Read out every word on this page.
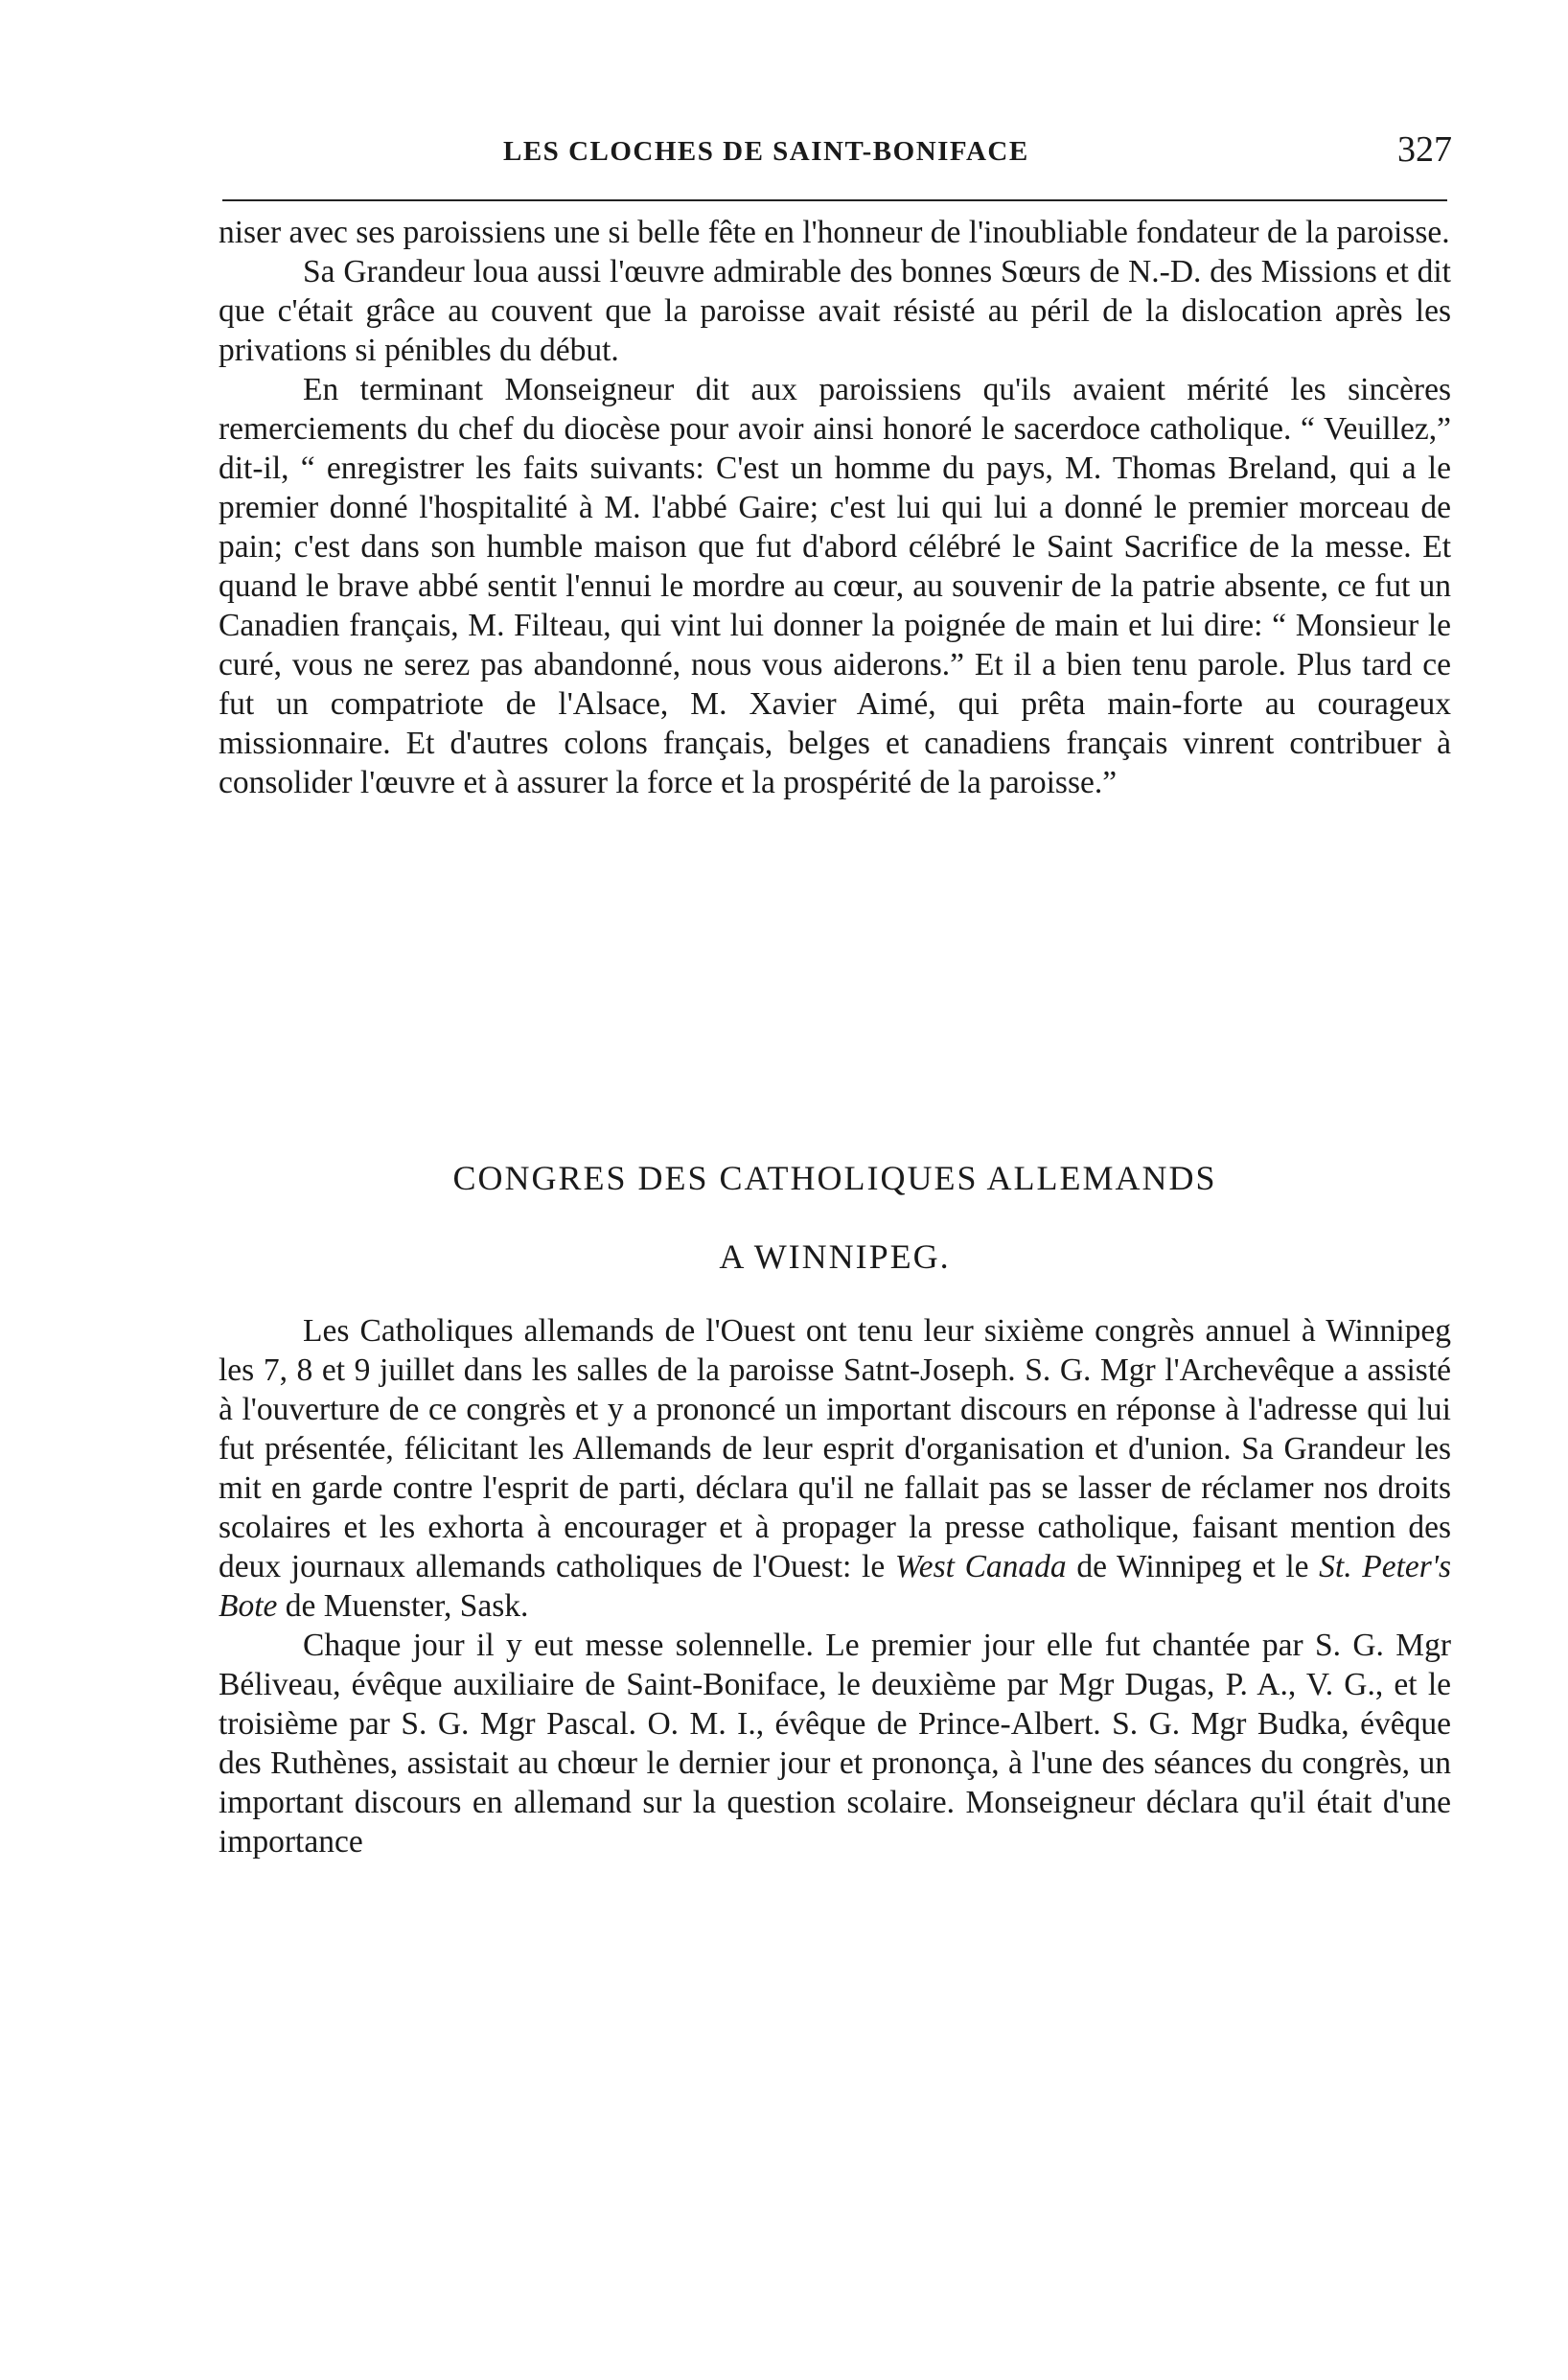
LES CLOCHES DE SAINT-BONIFACE	327

niser avec ses paroissiens une si belle fête en l'honneur de l'inoubliable fondateur de la paroisse.

Sa Grandeur loua aussi l'œuvre admirable des bonnes Sœurs de N.-D. des Missions et dit que c'était grâce au couvent que la paroisse avait résisté au péril de la dislocation après les privations si pénibles du début.

En terminant Monseigneur dit aux paroissiens qu'ils avaient mérité les sincères remerciements du chef du diocèse pour avoir ainsi honoré le sacerdoce catholique. “ Veuillez,” dit-il, “ enregistrer les faits suivants: C'est un homme du pays, M. Thomas Breland, qui a le premier donné l'hospitalité à M. l'abbé Gaire; c'est lui qui lui a donné le premier morceau de pain; c'est dans son humble maison que fut d'abord célébré le Saint Sacrifice de la messe. Et quand le brave abbé sentit l'ennui le mordre au cœur, au souvenir de la patrie absente, ce fut un Canadien français, M. Filteau, qui vint lui donner la poignée de main et lui dire: “ Monsieur le curé, vous ne serez pas abandonné, nous vous aiderons.” Et il a bien tenu parole. Plus tard ce fut un compatriote de l'Alsace, M. Xavier Aimé, qui prêta main-forte au courageux missionnaire. Et d'autres colons français, belges et canadiens français vinrent contribuer à consolider l'œuvre et à assurer la force et la prospérité de la paroisse.”

CONGRES DES CATHOLIQUES ALLEMANDS
A WINNIPEG.

Les Catholiques allemands de l'Ouest ont tenu leur sixième congrès annuel à Winnipeg les 7, 8 et 9 juillet dans les salles de la paroisse Satnt-Joseph. S. G. Mgr l'Archevêque a assisté à l'ouverture de ce congrès et y a prononcé un important discours en réponse à l'adresse qui lui fut présentée, félicitant les Allemands de leur esprit d'organisation et d'union. Sa Grandeur les mit en garde contre l'esprit de parti, déclara qu'il ne fallait pas se lasser de réclamer nos droits scolaires et les exhorta à encourager et à propager la presse catholique, faisant mention des deux journaux allemands catholiques de l'Ouest: le West Canada de Winnipeg et le St. Peter's Bote de Muenster, Sask.

Chaque jour il y eut messe solennelle. Le premier jour elle fut chantée par S. G. Mgr Béliveau, évêque auxiliaire de Saint-Boniface, le deuxième par Mgr Dugas, P. A., V. G., et le troisième par S. G. Mgr Pascal. O. M. I., évêque de Prince-Albert. S. G. Mgr Budka, évêque des Ruthènes, assistait au chœur le dernier jour et prononça, à l'une des séances du congrès, un important discours en allemand sur la question scolaire. Monseigneur déclara qu'il était d'une importance
